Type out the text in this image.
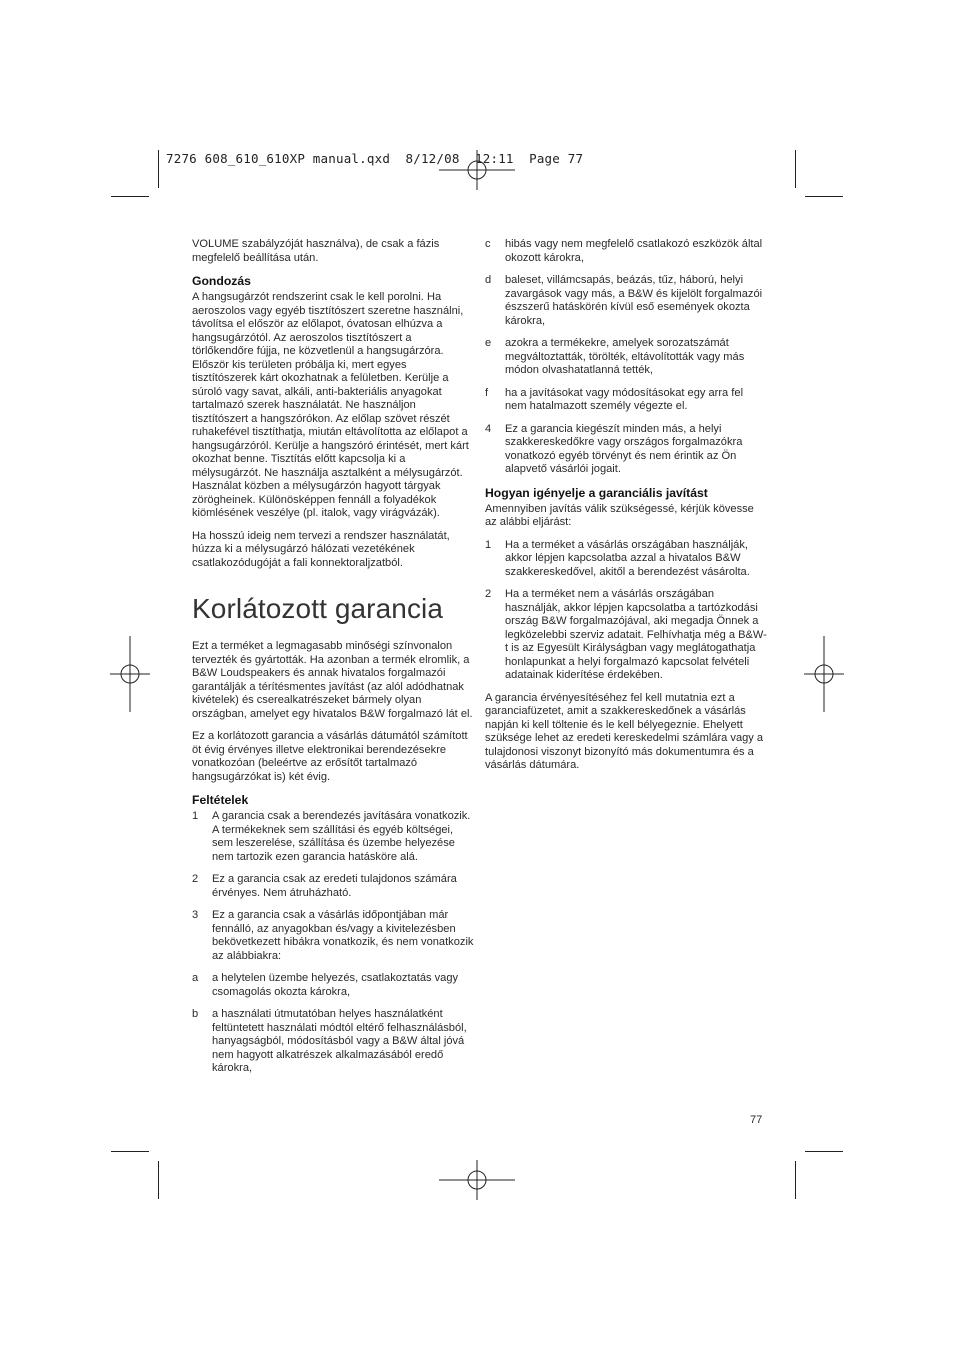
7276 608_610_610XP manual.qxd  8/12/08  12:11  Page 77

VOLUME szabályzóját használva), de csak a fázis megfelelő beállítása után.

Gondozás

A hangsugárzót rendszerint csak le kell porolni. Ha aeroszolos vagy egyéb tisztítószert szeretne használni, távolítsa el először az előlapot, óvatosan elhúzva a hangsugárzótól. Az aeroszolos tisztítószert a törlőkendőre fújja, ne közvetlenül a hangsugárzóra. Először kis területen próbálja ki, mert egyes tisztítószerek kárt okozhatnak a felületben. Kerülje a súroló vagy savat, alkáli, anti-bakteriális anyagokat tartalmazó szerek használatát. Ne használjon tisztítószert a hangszórókon. Az előlap szövet részét ruhakefével tisztíthatja, miután eltávolította az előlapot a hangsugárzóról. Kerülje a hangszóró érintését, mert kárt okozhat benne. Tisztítás előtt kapcsolja ki a mélysugárzót. Ne használja asztalként a mélysugárzót. Használat közben a mélysugárzón hagyott tárgyak zörögheinek. Különösképpen fennáll a folyadékok kiömlésének veszélye (pl. italok, vagy virágvázák).

Ha hosszú ideig nem tervezi a rendszer használatát, húzza ki a mélysugárzó hálózati vezetékének csatlakozódugóját a fali konnektoraljzatból.

Korlátozott garancia

Ezt a terméket a legmagasabb minőségi színvonalon tervezték és gyártották. Ha azonban a termék elromlik, a B&W Loudspeakers és annak hivatalos forgalmazói garantálják a térítésmentes javítást (az alól adódhatnak kivételek) és cserealkatrészeket bármely olyan országban, amelyet egy hivatalos B&W forgalmazó lát el.

Ez a korlátozott garancia a vásárlás dátumától számított öt évig érvényes illetve elektronikai berendezésekre vonatkozóan (beleértve az erősítőt tartalmazó hangsugárzókat is) két évig.

Feltételek
1	A garancia csak a berendezés javítására vonatkozik. A termékeknek sem szállítási és egyéb költségei, sem leszerelése, szállítása és üzembe helyezése nem tartozik ezen garancia hatásköre alá.
2	Ez a garancia csak az eredeti tulajdonos számára érvényes. Nem átruházható.
3	Ez a garancia csak a vásárlás időpontjában már fennálló, az anyagokban és/vagy a kivitelezésben bekövetkezett hibákra vonatkozik, és nem vonatkozik az alábbiakra:
a	a helytelen üzembe helyezés, csatlakoztatás vagy csomagolás okozta károkra,
b	a használati útmutatóban helyes használatként feltüntetett használati módtól eltérő felhasználásból, hanyagságból, módosításból vagy a B&W által jóvá nem hagyott alkatrészek alkalmazásából eredő károkra,
c	hibás vagy nem megfelelő csatlakozó eszközök által okozott károkra,
d	baleset, villámcsapás, beázás, tűz, háború, helyi zavargások vagy más, a B&W és kijelölt forgalmazói észszerű hatáskörén kívül eső események okozta károkra,
e	azokra a termékekre, amelyek sorozatszámát megváltoztatták, törölték, eltávolították vagy más módon olvashatatlanná tették,
f	ha a javításokat vagy módosításokat egy arra fel nem hatalmazott személy végezte el.
4	Ez a garancia kiegészít minden más, a helyi szakkereskedőkre vagy országos forgalmazókra vonatkozó egyéb törvényt és nem érintik az Ön alapvető vásárlói jogait.
Hogyan igényelje a garanciális javítást

Amennyiben javítás válik szükségessé, kérjük kövesse az alábbi eljárást:

1	Ha a terméket a vásárlás országában használják, akkor lépjen kapcsolatba azzal a hivatalos B&W szakkereskedővel, akitől a berendezést vásárolta.
2	Ha a terméket nem a vásárlás országában használják, akkor lépjen kapcsolatba a tartózkodási ország B&W forgalmazójával, aki megadja Önnek a legközelebbi szerviz adatait. Felhívhatja még a B&W-t is az Egyesült Királyságban vagy meglátogathatja honlapunkat a helyi forgalmazó kapcsolat felvételi adatainak kiderítése érdekében.

A garancia érvényesítéséhez fel kell mutatnia ezt a garanciafüzetet, amit a szakkereskedőnek a vásárlás napján ki kell töltenie és le kell bélyegeznie. Ehelyett szüksége lehet az eredeti kereskedelmi számlára vagy a tulajdonosi viszonyt bizonyító más dokumentumra és a vásárlás dátumára.

77
